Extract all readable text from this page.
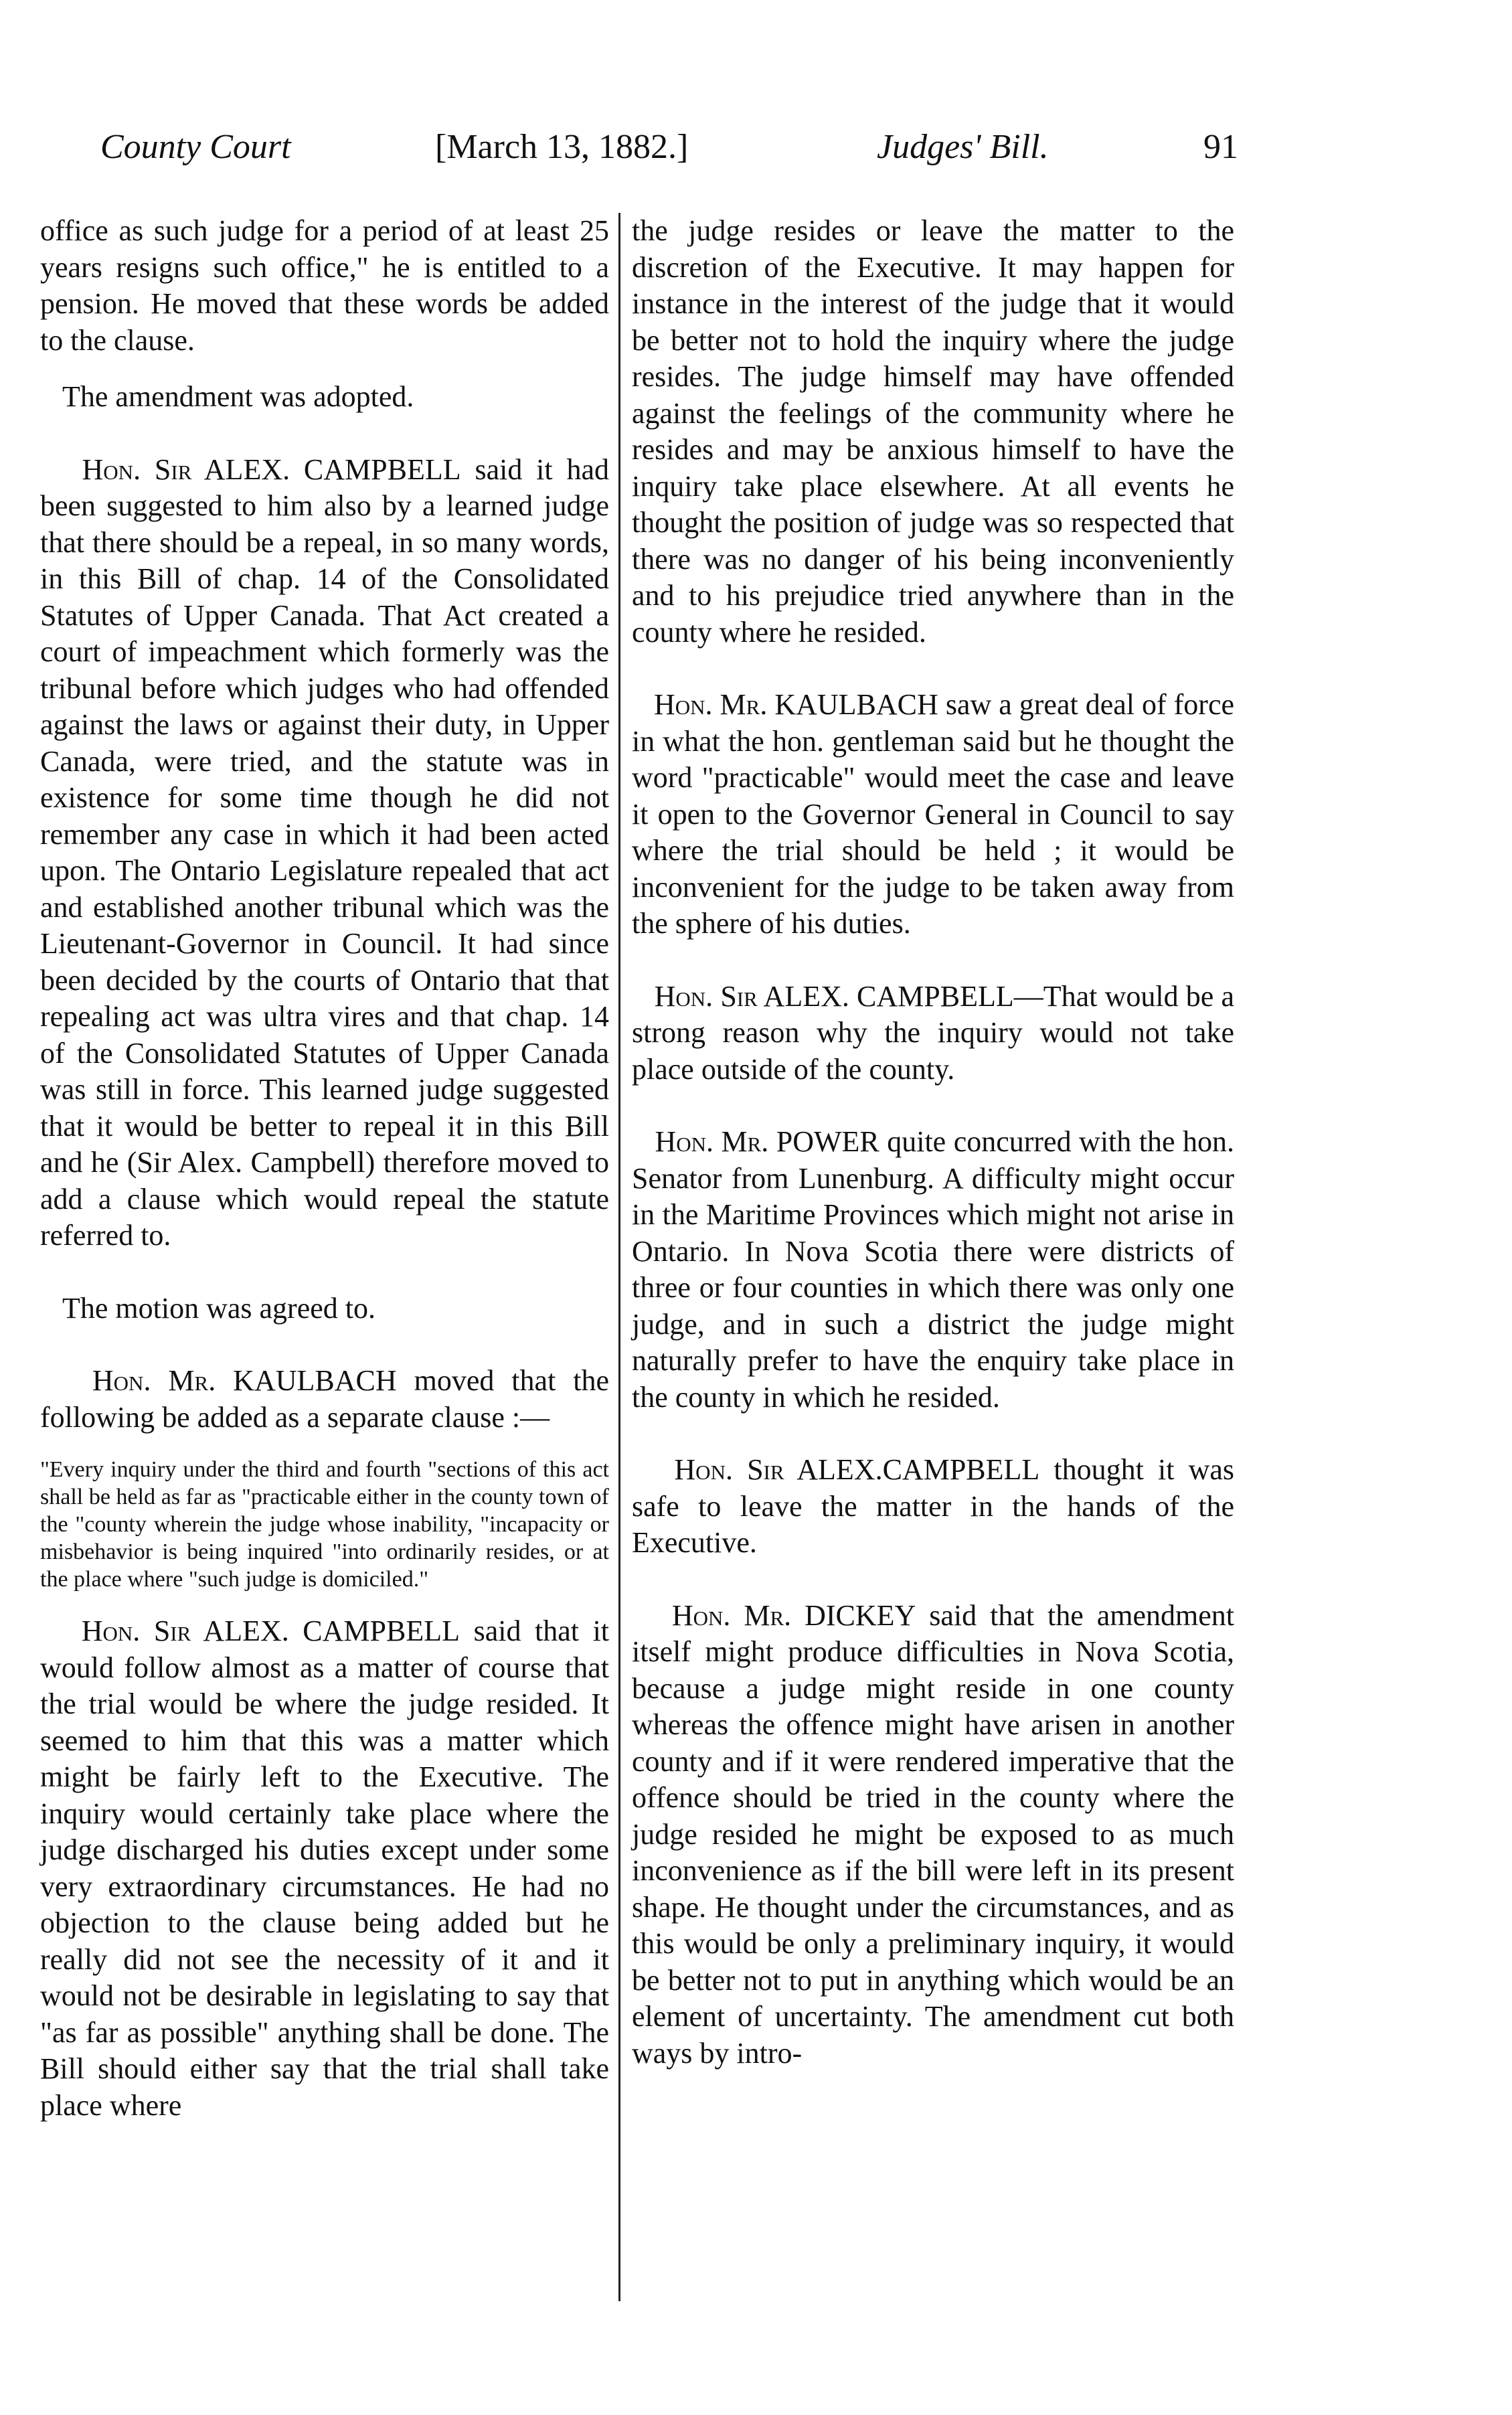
County Court	[March 13, 1882.]	Judges' Bill.	91

office as such judge for a period of at least 25 years resigns such office," he is entitled to a pension. He moved that these words be added to the clause.

The amendment was adopted.

Hon. Sir ALEX. CAMPBELL said it had been suggested to him also by a learned judge that there should be a repeal, in so many words, in this Bill of chap. 14 of the Consolidated Statutes of Upper Canada. That Act created a court of impeachment which formerly was the tribunal before which judges who had offended against the laws or against their duty, in Upper Canada, were tried, and the statute was in existence for some time though he did not remember any case in which it had been acted upon. The Ontario Legislature repealed that act and established another tribunal which was the Lieutenant-Governor in Council. It had since been decided by the courts of Ontario that that repealing act was ultra vires and that chap. 14 of the Consolidated Statutes of Upper Canada was still in force. This learned judge suggested that it would be better to repeal it in this Bill and he (Sir Alex. Campbell) therefore moved to add a clause which would repeal the statute referred to.

The motion was agreed to.

Hon. Mr. KAULBACH moved that the following be added as a separate clause :—

"Every inquiry under the third and fourth "sections of this act shall be held as far as "practicable either in the county town of the "county wherein the judge whose inability, "incapacity or misbehavior is being inquired "into ordinarily resides, or at the place where "such judge is domiciled."

Hon. Sir ALEX. CAMPBELL said that it would follow almost as a matter of course that the trial would be where the judge resided. It seemed to him that this was a matter which might be fairly left to the Executive. The inquiry would certainly take place where the judge discharged his duties except under some very extraordinary circumstances. He had no objection to the clause being added but he really did not see the necessity of it and it would not be desirable in legislating to say that "as far as possible" anything shall be done. The Bill should either say that the trial shall take place where

the judge resides or leave the matter to the discretion of the Executive. It may happen for instance in the interest of the judge that it would be better not to hold the inquiry where the judge resides. The judge himself may have offended against the feelings of the community where he resides and may be anxious himself to have the inquiry take place elsewhere. At all events he thought the position of judge was so respected that there was no danger of his being inconveniently and to his prejudice tried anywhere than in the county where he resided.

Hon. Mr. KAULBACH saw a great deal of force in what the hon. gentleman said but he thought the word "practicable" would meet the case and leave it open to the Governor General in Council to say where the trial should be held ; it would be inconvenient for the judge to be taken away from the sphere of his duties.

Hon. Sir ALEX. CAMPBELL—That would be a strong reason why the inquiry would not take place outside of the county.

Hon. Mr. POWER quite concurred with the hon. Senator from Lunenburg. A difficulty might occur in the Maritime Provinces which might not arise in Ontario. In Nova Scotia there were districts of three or four counties in which there was only one judge, and in such a district the judge might naturally prefer to have the enquiry take place in the county in which he resided.

Hon. Sir ALEX.CAMPBELL thought it was safe to leave the matter in the hands of the Executive.

Hon. Mr. DICKEY said that the amendment itself might produce difficulties in Nova Scotia, because a judge might reside in one county whereas the offence might have arisen in another county and if it were rendered imperative that the offence should be tried in the county where the judge resided he might be exposed to as much inconvenience as if the bill were left in its present shape. He thought under the circumstances, and as this would be only a preliminary inquiry, it would be better not to put in anything which would be an element of uncertainty. The amendment cut both ways by intro-
